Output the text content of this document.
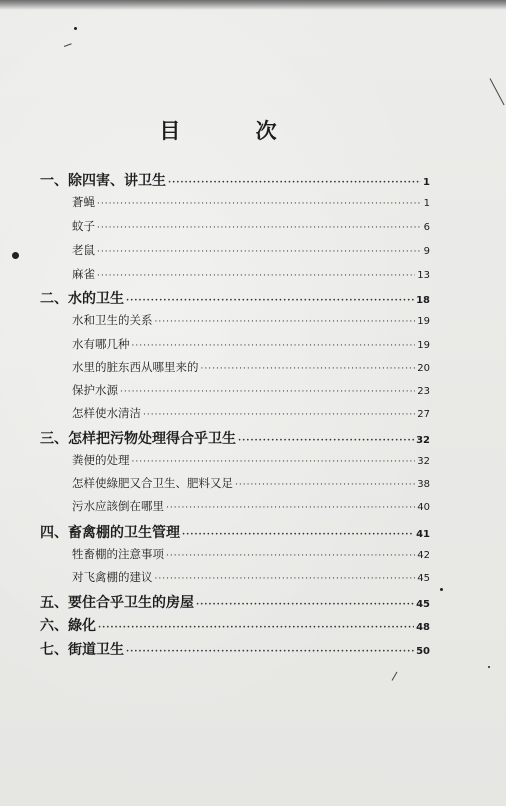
目 次
一、除四害、讲卫生 ·····	1
蒼蝇 ·····	1
蚊子 ·····	6
老鼠 ·····	9
麻雀 ·····	13
二、水的卫生 ·····	18
水和卫生的关系 ·····	19
水有哪几种 ·····	19
水里的脏东西从哪里来的 ·····	20
保护水源 ·····	23
怎样使水清洁 ·····	27
三、怎样把污物处理得合乎卫生 ·····	32
粪便的处理 ·····	32
怎样使綠肥又合卫生、肥料又足 ·····	38
污水应該倒在哪里 ·····	40
四、畜禽棚的卫生管理 ·····	41
牲畜棚的注意事项 ·····	42
对飞禽棚的建议 ·····	45
五、要住合乎卫生的房屋 ·····	45
六、綠化 ·····	48
七、街道卫生 ·····	50
